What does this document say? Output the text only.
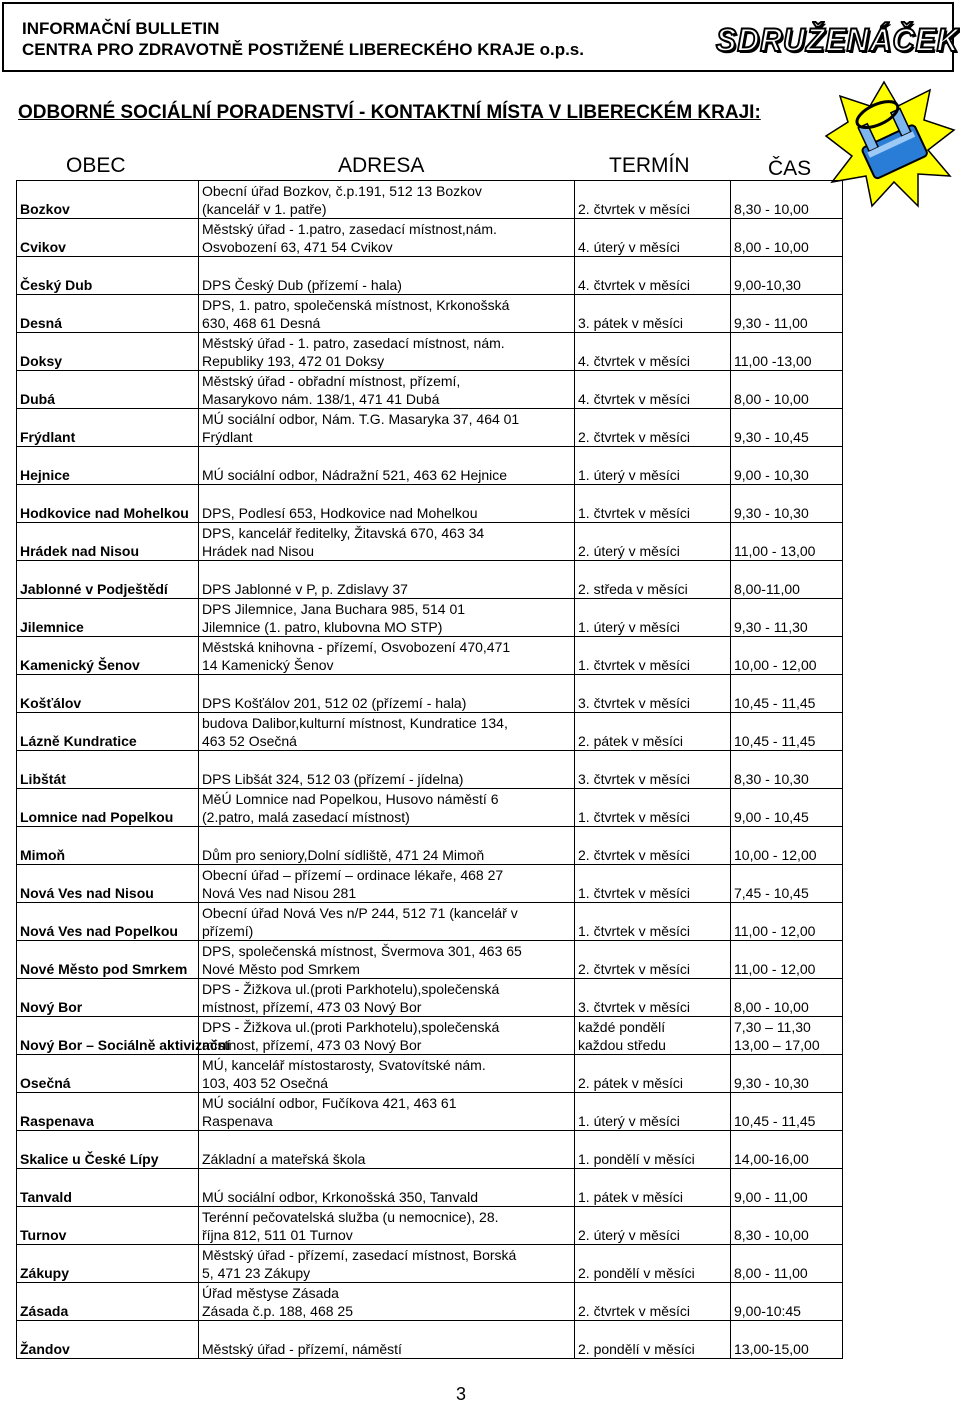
INFORMAČNÍ BULLETIN
CENTRA PRO ZDRAVOTNĚ POSTIŽENÉ LIBERECKÉHO KRAJE o.p.s.	SDRUŽENÁČEK
ODBORNÉ SOCIÁLNÍ PORADENSTVÍ - KONTAKTNÍ MÍSTA V LIBERECKÉM KRAJI:
OBEC	ADRESA	TERMÍN	ČAS
Bozkov	Obecní úřad Bozkov, č.p.191, 512 13 Bozkov
(kancelář v 1. patře)	2. čtvrtek v měsíci	8,30 - 10,00
Cvikov	Městský úřad - 1.patro, zasedací místnost,nám.
Osvobození 63, 471 54 Cvikov	4. úterý v měsíci	8,00 - 10,00
Český Dub	DPS Český Dub (přízemí - hala)	4. čtvrtek v měsíci	9,00-10,30
Desná	DPS, 1. patro, společenská místnost, Krkonošská
630, 468 61 Desná	3. pátek v měsíci	9,30 - 11,00
Doksy	Městský úřad - 1. patro, zasedací místnost, nám.
Republiky 193, 472 01 Doksy	4. čtvrtek v měsíci	11,00 -13,00
Dubá	Městský úřad - obřadní místnost, přízemí,
Masarykovo nám. 138/1, 471 41 Dubá	4. čtvrtek v měsíci	8,00 - 10,00
Frýdlant	MÚ sociální odbor, Nám. T.G. Masaryka 37, 464 01
Frýdlant	2. čtvrtek v měsíci	9,30 - 10,45
Hejnice	MÚ sociální odbor, Nádražní 521, 463 62 Hejnice	1. úterý v měsíci	9,00 - 10,30
Hodkovice nad Mohelkou	DPS, Podlesí 653, Hodkovice nad Mohelkou	1. čtvrtek v měsíci	9,30 - 10,30
Hrádek nad Nisou	DPS, kancelář ředitelky, Žitavská 670, 463 34
Hrádek nad Nisou	2. úterý v měsíci	11,00 - 13,00
Jablonné v Podještědí	DPS Jablonné v P, p. Zdislavy 37	2. středa v měsíci	8,00-11,00
Jilemnice	DPS Jilemnice, Jana Buchara 985, 514 01
Jilemnice (1. patro, klubovna MO STP)	1. úterý v měsíci	9,30 - 11,30
Kamenický Šenov	Městská knihovna - přízemí, Osvobození 470,471
14 Kamenický Šenov	1. čtvrtek v měsíci	10,00 - 12,00
Košťálov	DPS Košťálov 201, 512 02 (přízemí - hala)	3. čtvrtek v měsíci	10,45 - 11,45
Lázně Kundratice	budova Dalibor,kulturní místnost, Kundratice 134,
463 52 Osečná	2. pátek v měsíci	10,45 - 11,45
Libštát	DPS Libšát 324, 512 03 (přízemí - jídelna)	3. čtvrtek v měsíci	8,30 - 10,30
Lomnice nad Popelkou	MěÚ Lomnice nad Popelkou, Husovo náměstí 6
(2.patro, malá zasedací místnost)	1. čtvrtek v měsíci	9,00 - 10,45
Mimoň	Dům pro seniory,Dolní sídliště, 471 24 Mimoň	2. čtvrtek v měsíci	10,00 - 12,00
Nová Ves nad Nisou	Obecní úřad – přízemí – ordinace lékaře, 468 27
Nová Ves nad Nisou 281	1. čtvrtek v měsíci	7,45 - 10,45
Nová Ves nad Popelkou	Obecní úřad Nová Ves n/P 244, 512 71 (kancelář v
přízemí)	1. čtvrtek v měsíci	11,00 - 12,00
Nové Město pod Smrkem	DPS, společenská místnost, Švermova 301, 463 65
Nové Město pod Smrkem	2. čtvrtek v měsíci	11,00 - 12,00
Nový Bor	DPS - Žižkova ul.(proti Parkhotelu),společenská
místnost, přízemí, 473 03 Nový Bor	3. čtvrtek v měsíci	8,00 - 10,00
Nový Bor – Sociálně aktivizační	DPS - Žižkova ul.(proti Parkhotelu),společenská
místnost, přízemí, 473 03 Nový Bor	každé pondělí
každou středu	7,30 – 11,30
13,00 – 17,00
Osečná	MÚ, kancelář místostarosty, Svatovítské nám.
103, 403 52 Osečná	2. pátek v měsíci	9,30 - 10,30
Raspenava	MÚ sociální odbor, Fučíkova 421, 463 61
Raspenava	1. úterý v měsíci	10,45 - 11,45
Skalice u České Lípy	Základní a mateřská škola	1. pondělí v měsíci	14,00-16,00
Tanvald	MÚ sociální odbor, Krkonošská 350, Tanvald	1. pátek v měsíci	9,00 - 11,00
Turnov	Terénní pečovatelská služba (u nemocnice), 28.
října 812, 511 01 Turnov	2. úterý v měsíci	8,30 - 10,00
Zákupy	Městský úřad - přízemí, zasedací místnost, Borská
5, 471 23 Zákupy	2. pondělí v měsíci	8,00 - 11,00
Zásada	Úřad městyse Zásada
Zásada č.p. 188, 468 25	2. čtvrtek v měsíci	9,00-10:45
Žandov	Městský úřad - přízemí, náměstí	2. pondělí v měsíci	13,00-15,00
3
